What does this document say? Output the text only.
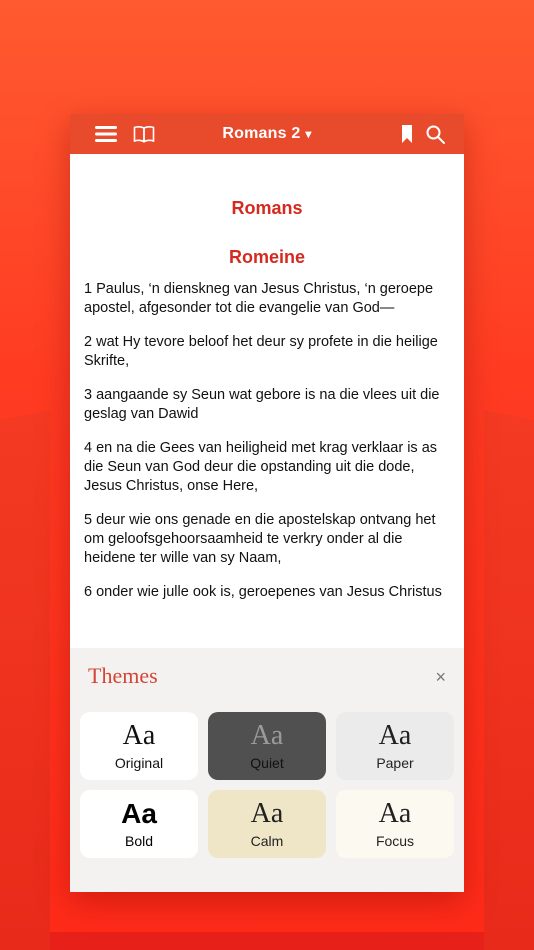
Romans 2 ▾

Romans

Romeine

1 Paulus, ‘n dienskneg van Jesus Christus, ‘n geroepe apostel, afgesonder tot die evangelie van God—

2 wat Hy tevore beloof het deur sy profete in die heilige Skrifte,

3 aangaande sy Seun wat gebore is na die vlees uit die geslag van Dawid

4 en na die Gees van heiligheid met krag verklaar is as die Seun van God deur die opstanding uit die dode, Jesus Christus, onse Here,

5 deur wie ons genade en die apostelskap ontvang het om geloofsgehoorsaamheid te verkry onder al die heidene ter wille van sy Naam,

6 onder wie julle ook is, geroepenes van Jesus Christus

Themes	×
Aa
Original
Aa
Quiet
Aa
Paper
Aa
Bold
Aa
Calm
Aa
Focus
